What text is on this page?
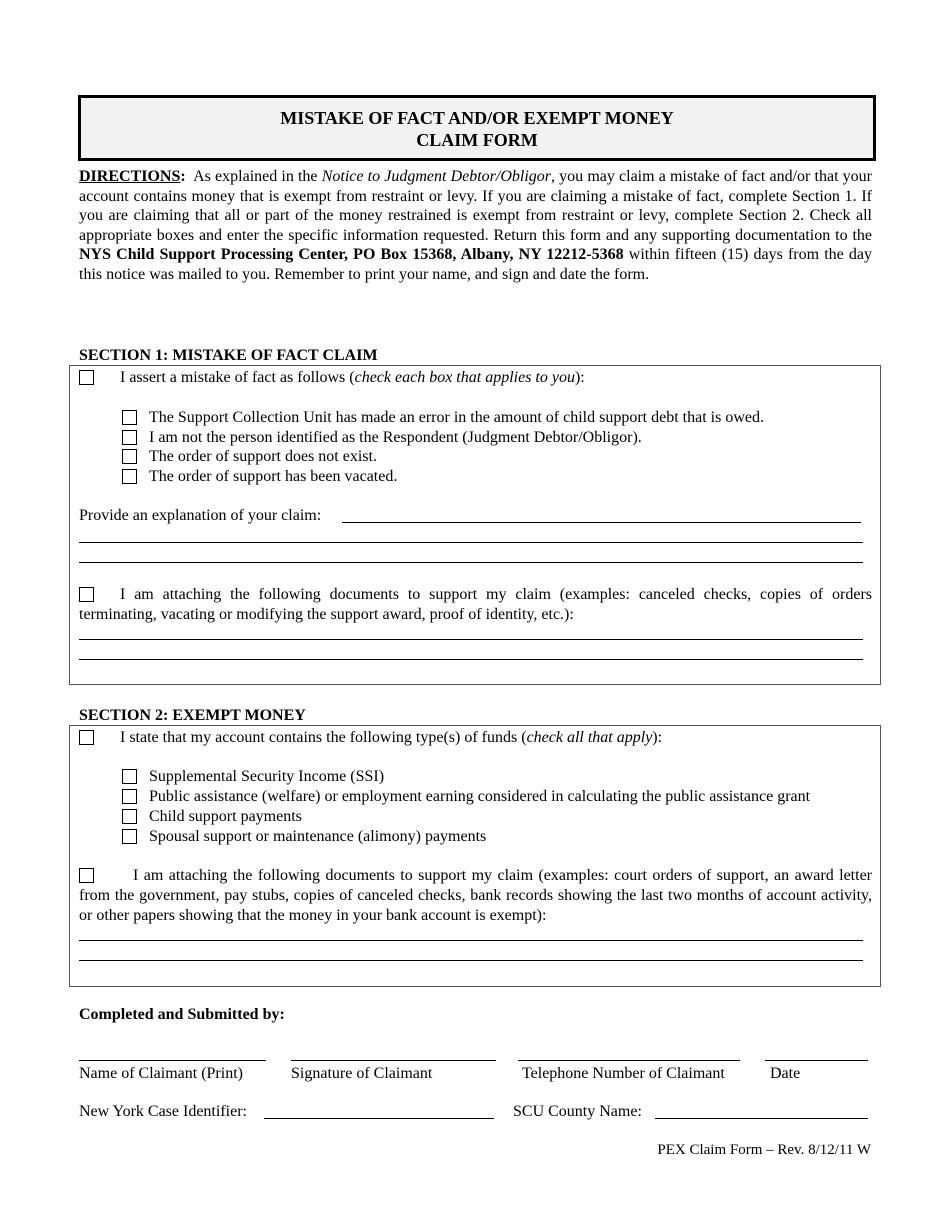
MISTAKE OF FACT AND/OR EXEMPT MONEY
CLAIM FORM
DIRECTIONS:  As explained in the Notice to Judgment Debtor/Obligor, you may claim a mistake of fact and/or that your account contains money that is exempt from restraint or levy. If you are claiming a mistake of fact, complete Section 1. If you are claiming that all or part of the money restrained is exempt from restraint or levy, complete Section 2. Check all appropriate boxes and enter the specific information requested. Return this form and any supporting documentation to the NYS Child Support Processing Center, PO Box 15368, Albany, NY 12212-5368 within fifteen (15) days from the day this notice was mailed to you. Remember to print your name, and sign and date the form.
SECTION 1: MISTAKE OF FACT CLAIM
I assert a mistake of fact as follows (check each box that applies to you):
The Support Collection Unit has made an error in the amount of child support debt that is owed.
I am not the person identified as the Respondent (Judgment Debtor/Obligor).
The order of support does not exist.
The order of support has been vacated.
Provide an explanation of your claim:
I am attaching the following documents to support my claim (examples: canceled checks, copies of orders terminating, vacating or modifying the support award, proof of identity, etc.):
SECTION 2: EXEMPT MONEY
I state that my account contains the following type(s) of funds (check all that apply):
Supplemental Security Income (SSI)
Public assistance (welfare) or employment earning considered in calculating the public assistance grant
Child support payments
Spousal support or maintenance (alimony) payments
I am attaching the following documents to support my claim (examples: court orders of support, an award letter from the government, pay stubs, copies of canceled checks, bank records showing the last two months of account activity, or other papers showing that the money in your bank account is exempt):
Completed and Submitted by:
Name of Claimant (Print)	Signature of Claimant	Telephone Number of Claimant	Date
New York Case Identifier:	SCU County Name:
PEX Claim Form – Rev. 8/12/11 W
